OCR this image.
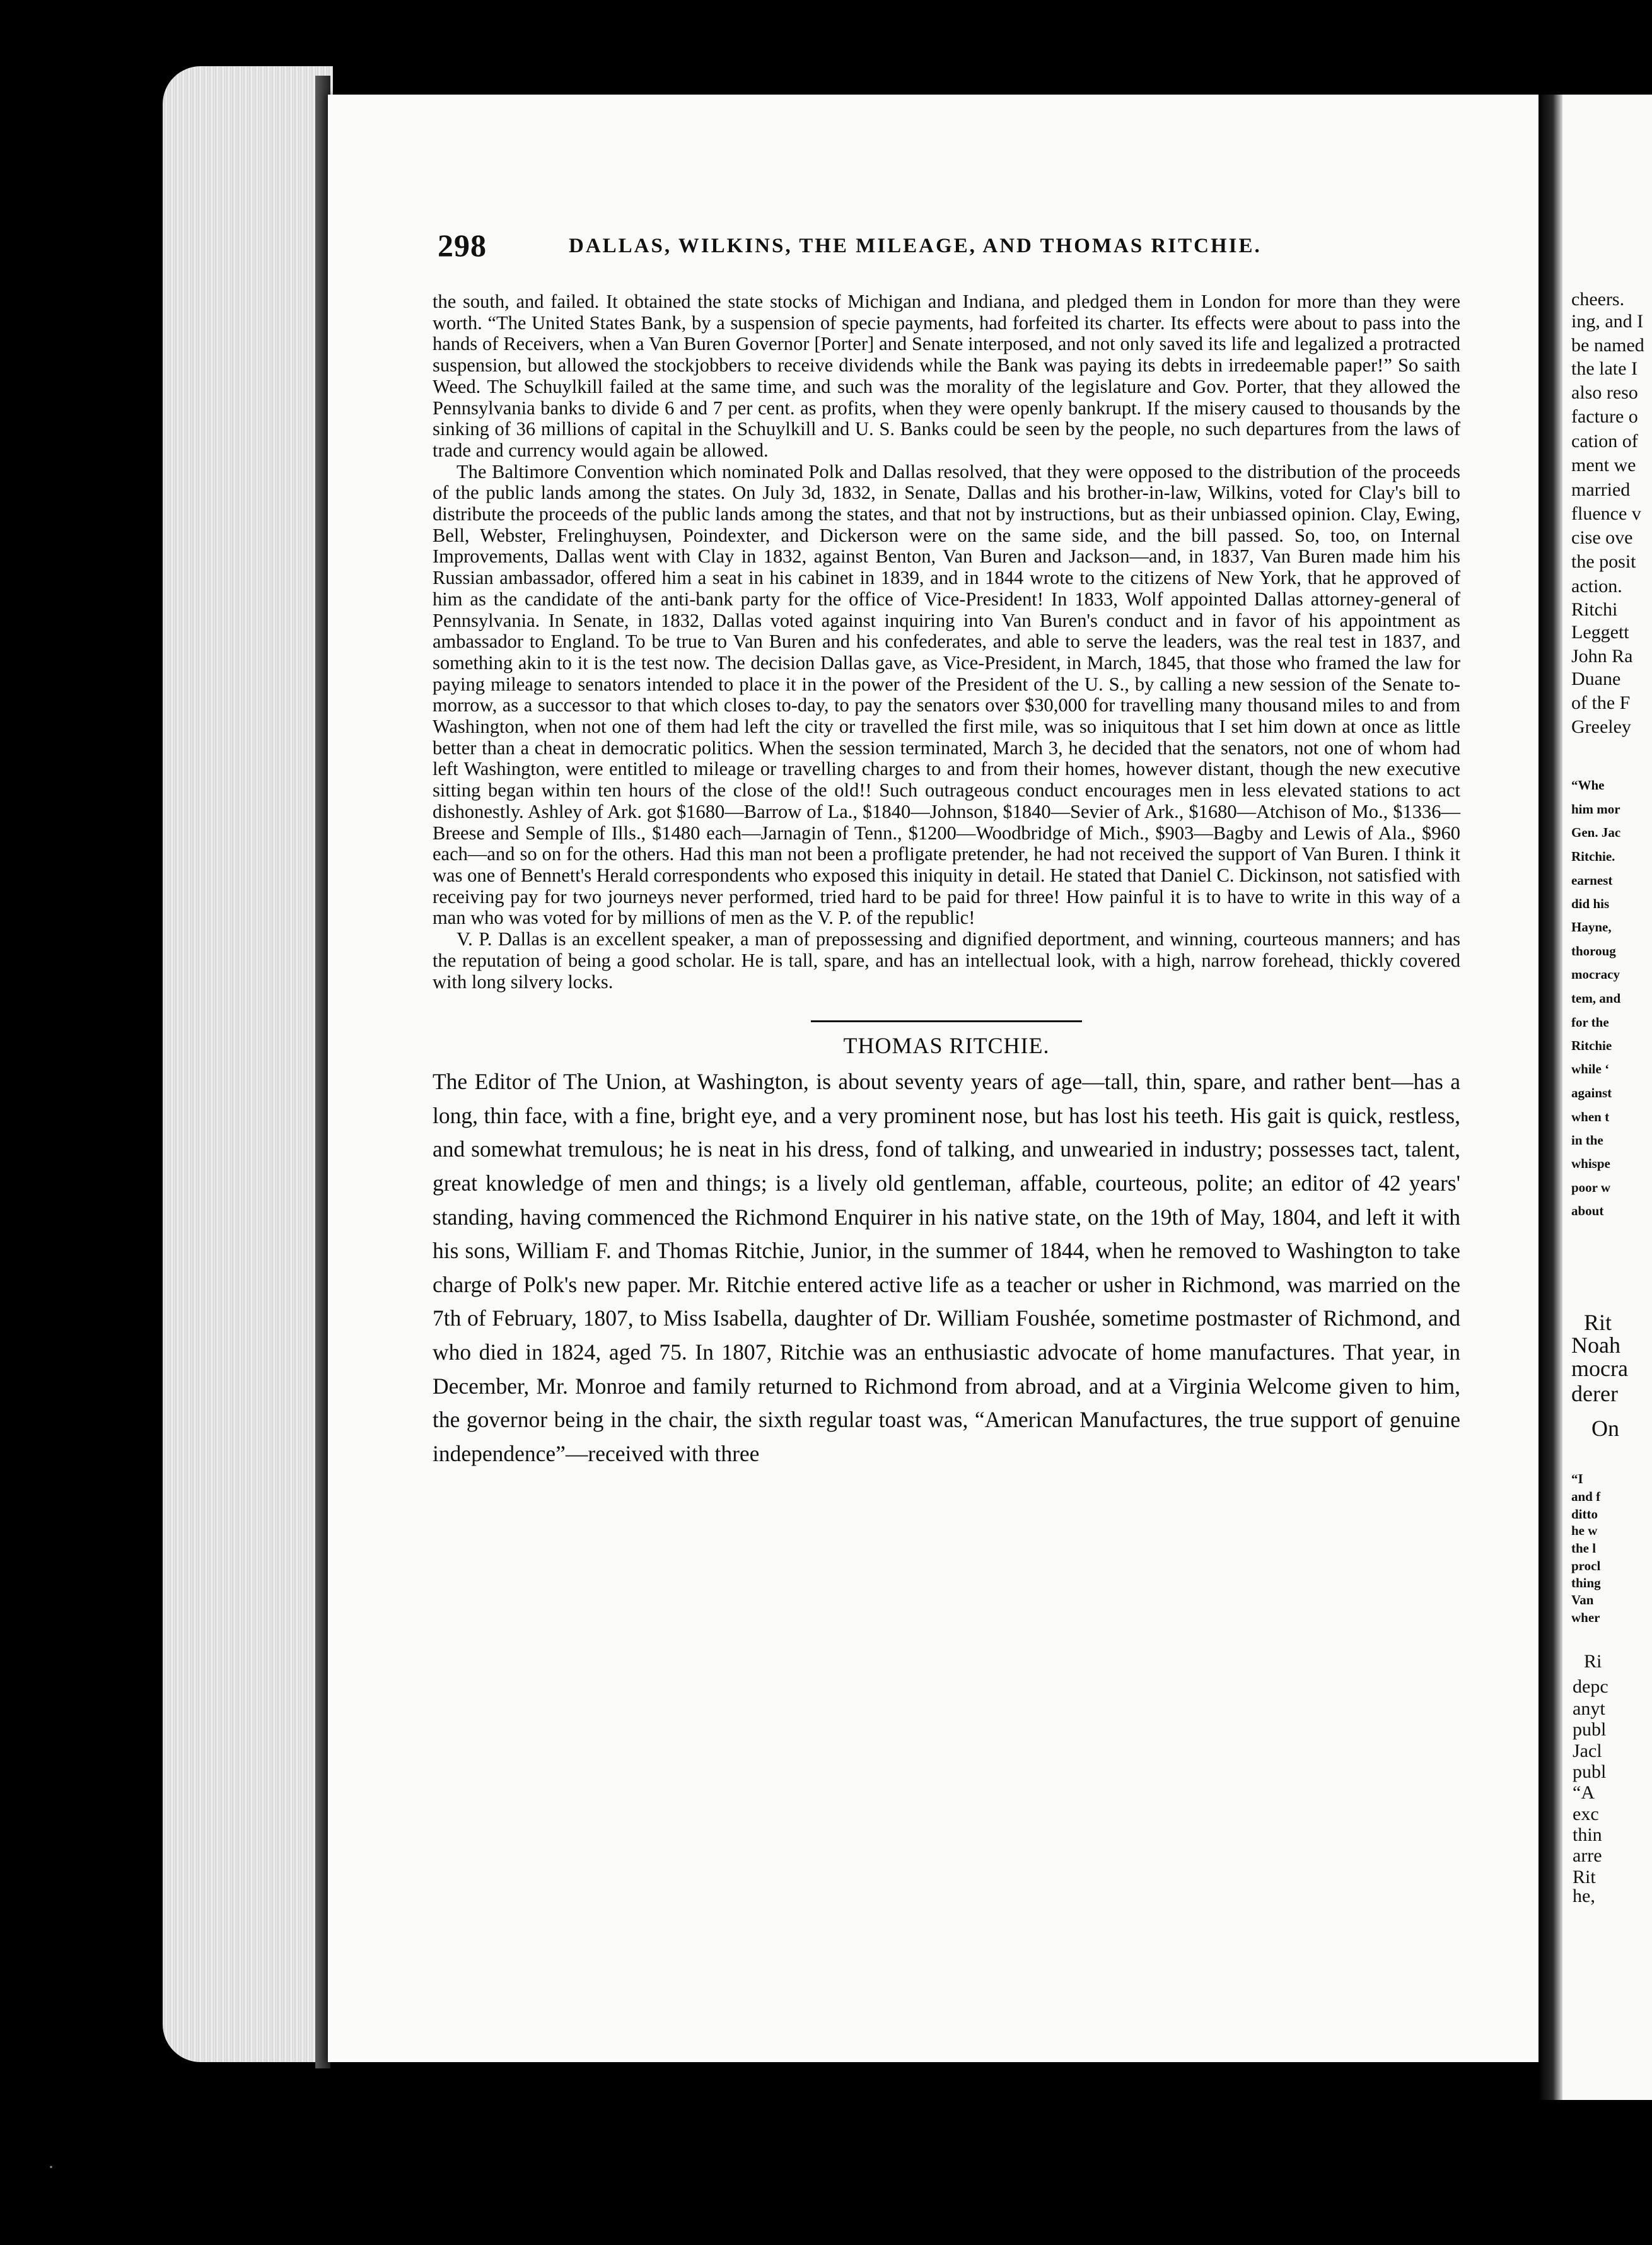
298	DALLAS, WILKINS, THE MILEAGE, AND THOMAS RITCHIE.

the south, and failed. It obtained the state stocks of Michigan and Indiana, and pledged them in London for more than they were worth. “The United States Bank, by a suspension of specie payments, had forfeited its charter. Its effects were about to pass into the hands of Receivers, when a Van Buren Governor [Porter] and Senate interposed, and not only saved its life and legalized a protracted suspension, but allowed the stockjobbers to receive dividends while the Bank was paying its debts in irredeemable paper!” So saith Weed. The Schuylkill failed at the same time, and such was the morality of the legislature and Gov. Porter, that they allowed the Pennsylvania banks to divide 6 and 7 per cent. as profits, when they were openly bankrupt. If the misery caused to thousands by the sinking of 36 millions of capital in the Schuylkill and U. S. Banks could be seen by the people, no such departures from the laws of trade and currency would again be allowed.

The Baltimore Convention which nominated Polk and Dallas resolved, that they were opposed to the distribution of the proceeds of the public lands among the states. On July 3d, 1832, in Senate, Dallas and his brother-in-law, Wilkins, voted for Clay's bill to distribute the proceeds of the public lands among the states, and that not by instructions, but as their unbiassed opinion. Clay, Ewing, Bell, Webster, Frelinghuysen, Poindexter, and Dickerson were on the same side, and the bill passed. So, too, on Internal Improvements, Dallas went with Clay in 1832, against Benton, Van Buren and Jackson—and, in 1837, Van Buren made him his Russian ambassador, offered him a seat in his cabinet in 1839, and in 1844 wrote to the citizens of New York, that he approved of him as the candidate of the anti-bank party for the office of Vice-President! In 1833, Wolf appointed Dallas attorney-general of Pennsylvania. In Senate, in 1832, Dallas voted against inquiring into Van Buren's conduct and in favor of his appointment as ambassador to England. To be true to Van Buren and his confederates, and able to serve the leaders, was the real test in 1837, and something akin to it is the test now. The decision Dallas gave, as Vice-President, in March, 1845, that those who framed the law for paying mileage to senators intended to place it in the power of the President of the U. S., by calling a new session of the Senate to-morrow, as a successor to that which closes to-day, to pay the senators over $30,000 for travelling many thousand miles to and from Washington, when not one of them had left the city or travelled the first mile, was so iniquitous that I set him down at once as little better than a cheat in democratic politics. When the session terminated, March 3, he decided that the senators, not one of whom had left Washington, were entitled to mileage or travelling charges to and from their homes, however distant, though the new executive sitting began within ten hours of the close of the old!! Such outrageous conduct encourages men in less elevated stations to act dishonestly. Ashley of Ark. got $1680—Barrow of La., $1840—Johnson, $1840—Sevier of Ark., $1680—Atchison of Mo., $1336—Breese and Semple of Ills., $1480 each—Jarnagin of Tenn., $1200—Woodbridge of Mich., $903—Bagby and Lewis of Ala., $960 each—and so on for the others. Had this man not been a profligate pretender, he had not received the support of Van Buren. I think it was one of Bennett's Herald correspondents who exposed this iniquity in detail. He stated that Daniel C. Dickinson, not satisfied with receiving pay for two journeys never performed, tried hard to be paid for three! How painful it is to have to write in this way of a man who was voted for by millions of men as the V. P. of the republic!

V. P. Dallas is an excellent speaker, a man of prepossessing and dignified deportment, and winning, courteous manners; and has the reputation of being a good scholar. He is tall, spare, and has an intellectual look, with a high, narrow forehead, thickly covered with long silvery locks.

THOMAS RITCHIE.

The Editor of The Union, at Washington, is about seventy years of age—tall, thin, spare, and rather bent—has a long, thin face, with a fine, bright eye, and a very prominent nose, but has lost his teeth. His gait is quick, restless, and somewhat tremulous; he is neat in his dress, fond of talking, and unwearied in industry; possesses tact, talent, great knowledge of men and things; is a lively old gentleman, affable, courteous, polite; an editor of 42 years' standing, having commenced the Richmond Enquirer in his native state, on the 19th of May, 1804, and left it with his sons, William F. and Thomas Ritchie, Junior, in the summer of 1844, when he removed to Washington to take charge of Polk's new paper. Mr. Ritchie entered active life as a teacher or usher in Richmond, was married on the 7th of February, 1807, to Miss Isabella, daughter of Dr. William Foushée, sometime postmaster of Richmond, and who died in 1824, aged 75. In 1807, Ritchie was an enthusiastic advocate of home manufactures. That year, in December, Mr. Monroe and family returned to Richmond from abroad, and at a Virginia Welcome given to him, the governor being in the chair, the sixth regular toast was, “American Manufactures, the true support of genuine independence”—received with three

cheers.
ing, and I
be named
the late I
also reso
facture o
cation of
ment we
married
fluence v
cise ove
the posit
action.
Ritchi
Leggett
John Ra
Duane
of the F
Greeley
“Whe
him mor
Gen. Jac
Ritchie.
earnest
did his
Hayne,
thoroug
mocracy
tem, and
for the
Ritchie
while ‘
against
when t
in the
whispe
poor w
about
Rit
Noah
mocra
derer
On
“I
and f
ditto
he w
the l
procl
thing
Van
wher
Ri
depc
anyt
publ
Jacl
publ
“A
exc
thin
arre
Rit
he,
·
